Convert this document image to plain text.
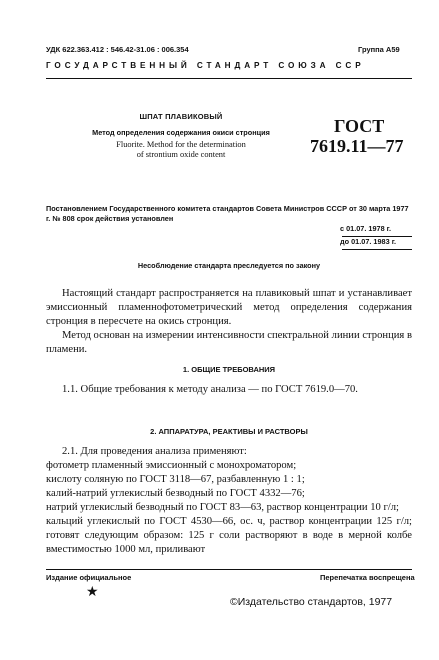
УДК 622.363.412 : 546.42-31.06 : 006.354	Группа А59
ГОСУДАРСТВЕННЫЙ СТАНДАРТ СОЮЗА ССР
ШПАТ ПЛАВИКОВЫЙ
Метод определения содержания окиси стронция
Fluorite. Method for the determination
of strontium oxide content
ГОСТ
7619.11—77
Постановлением Государственного комитета стандартов Совета Министров СССР от 30 марта 1977 г. № 808 срок действия установлен
с 01.07. 1978 г.
до 01.07. 1983 г.
Несоблюдение стандарта преследуется по закону
Настоящий стандарт распространяется на плавиковый шпат и устанавливает эмиссионный пламеннофотометрический метод определения содержания стронция в пересчете на окись стронция.
Метод основан на измерении интенсивности спектральной линии стронция в пламени.
1. ОБЩИЕ ТРЕБОВАНИЯ
1.1. Общие требования к методу анализа — по ГОСТ 7619.0—70.
2. АППАРАТУРА, РЕАКТИВЫ И РАСТВОРЫ
2.1. Для проведения анализа применяют:
фотометр пламенный эмиссионный с монохроматором;
кислоту соляную по ГОСТ 3118—67, разбавленную 1 : 1;
калий-натрий углекислый безводный по ГОСТ 4332—76;
натрий углекислый безводный по ГОСТ 83—63, раствор концентрации 10 г/л;
кальций углекислый по ГОСТ 4530—66, ос. ч, раствор концентрации 125 г/л; готовят следующим образом: 125 г соли растворяют в воде в мерной колбе вместимостью 1000 мл, приливают
Издание официальное	Перепечатка воспрещена
★
©Издательство стандартов, 1977
